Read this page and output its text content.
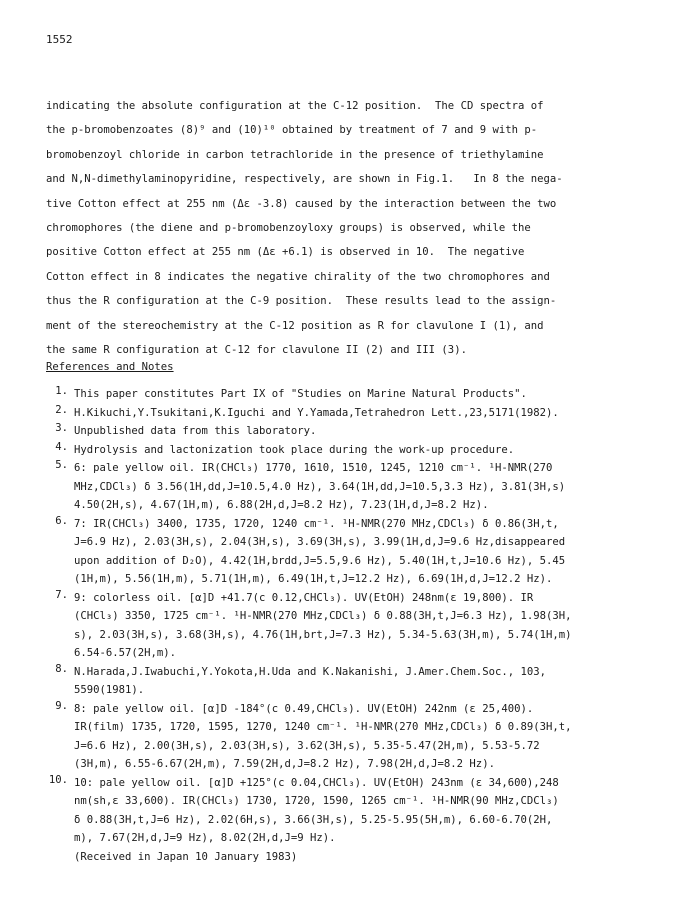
1552
indicating the absolute configuration at the C-12 position.  The CD spectra of
the p-bromobenzoates (8)⁹ and (10)¹⁰ obtained by treatment of 7 and 9 with p-
bromobenzoyl chloride in carbon tetrachloride in the presence of triethylamine
and N,N-dimethylaminopyridine, respectively, are shown in Fig.1.   In 8 the nega-
tive Cotton effect at 255 nm (Δε -3.8) caused by the interaction between the two
chromophores (the diene and p-bromobenzoyloxy groups) is observed, while the
positive Cotton effect at 255 nm (Δε +6.1) is observed in 10.  The negative
Cotton effect in 8 indicates the negative chirality of the two chromophores and
thus the R configuration at the C-9 position.  These results lead to the assign-
ment of the stereochemistry at the C-12 position as R for clavulone I (1), and
the same R configuration at C-12 for clavulone II (2) and III (3).
References and Notes
1. This paper constitutes Part IX of "Studies on Marine Natural Products".
2. H.Kikuchi,Y.Tsukitani,K.Iguchi and Y.Yamada,Tetrahedron Lett.,23,5171(1982).
3. Unpublished data from this laboratory.
4. Hydrolysis and lactonization took place during the work-up procedure.
5. 6: pale yellow oil. IR(CHCl₃) 1770, 1610, 1510, 1245, 1210 cm⁻¹. ¹H-NMR(270
MHz,CDCl₃) δ 3.56(1H,dd,J=10.5,4.0 Hz), 3.64(1H,dd,J=10.5,3.3 Hz), 3.81(3H,s)
4.50(2H,s), 4.67(1H,m), 6.88(2H,d,J=8.2 Hz), 7.23(1H,d,J=8.2 Hz).
6. 7: IR(CHCl₃) 3400, 1735, 1720, 1240 cm⁻¹. ¹H-NMR(270 MHz,CDCl₃) δ 0.86(3H,t,
J=6.9 Hz), 2.03(3H,s), 2.04(3H,s), 3.69(3H,s), 3.99(1H,d,J=9.6 Hz,disappeared
upon addition of D₂O), 4.42(1H,brdd,J=5.5,9.6 Hz), 5.40(1H,t,J=10.6 Hz), 5.45
(1H,m), 5.56(1H,m), 5.71(1H,m), 6.49(1H,t,J=12.2 Hz), 6.69(1H,d,J=12.2 Hz).
7. 9: colorless oil. [α]D +41.7(c 0.12,CHCl₃). UV(EtOH) 248nm(ε 19,800). IR
(CHCl₃) 3350, 1725 cm⁻¹. ¹H-NMR(270 MHz,CDCl₃) δ 0.88(3H,t,J=6.3 Hz), 1.98(3H,
s), 2.03(3H,s), 3.68(3H,s), 4.76(1H,brt,J=7.3 Hz), 5.34-5.63(3H,m), 5.74(1H,m)
6.54-6.57(2H,m).
8. N.Harada,J.Iwabuchi,Y.Yokota,H.Uda and K.Nakanishi, J.Amer.Chem.Soc., 103,
5590(1981).
9. 8: pale yellow oil. [α]D -184°(c 0.49,CHCl₃). UV(EtOH) 242nm (ε 25,400).
IR(film) 1735, 1720, 1595, 1270, 1240 cm⁻¹. ¹H-NMR(270 MHz,CDCl₃) δ 0.89(3H,t,
J=6.6 Hz), 2.00(3H,s), 2.03(3H,s), 3.62(3H,s), 5.35-5.47(2H,m), 5.53-5.72
(3H,m), 6.55-6.67(2H,m), 7.59(2H,d,J=8.2 Hz), 7.98(2H,d,J=8.2 Hz).
10. 10: pale yellow oil. [α]D +125°(c 0.04,CHCl₃). UV(EtOH) 243nm (ε 34,600),248
nm(sh,ε 33,600). IR(CHCl₃) 1730, 1720, 1590, 1265 cm⁻¹. ¹H-NMR(90 MHz,CDCl₃)
δ 0.88(3H,t,J=6 Hz), 2.02(6H,s), 3.66(3H,s), 5.25-5.95(5H,m), 6.60-6.70(2H,
m), 7.67(2H,d,J=9 Hz), 8.02(2H,d,J=9 Hz).
(Received in Japan 10 January 1983)
